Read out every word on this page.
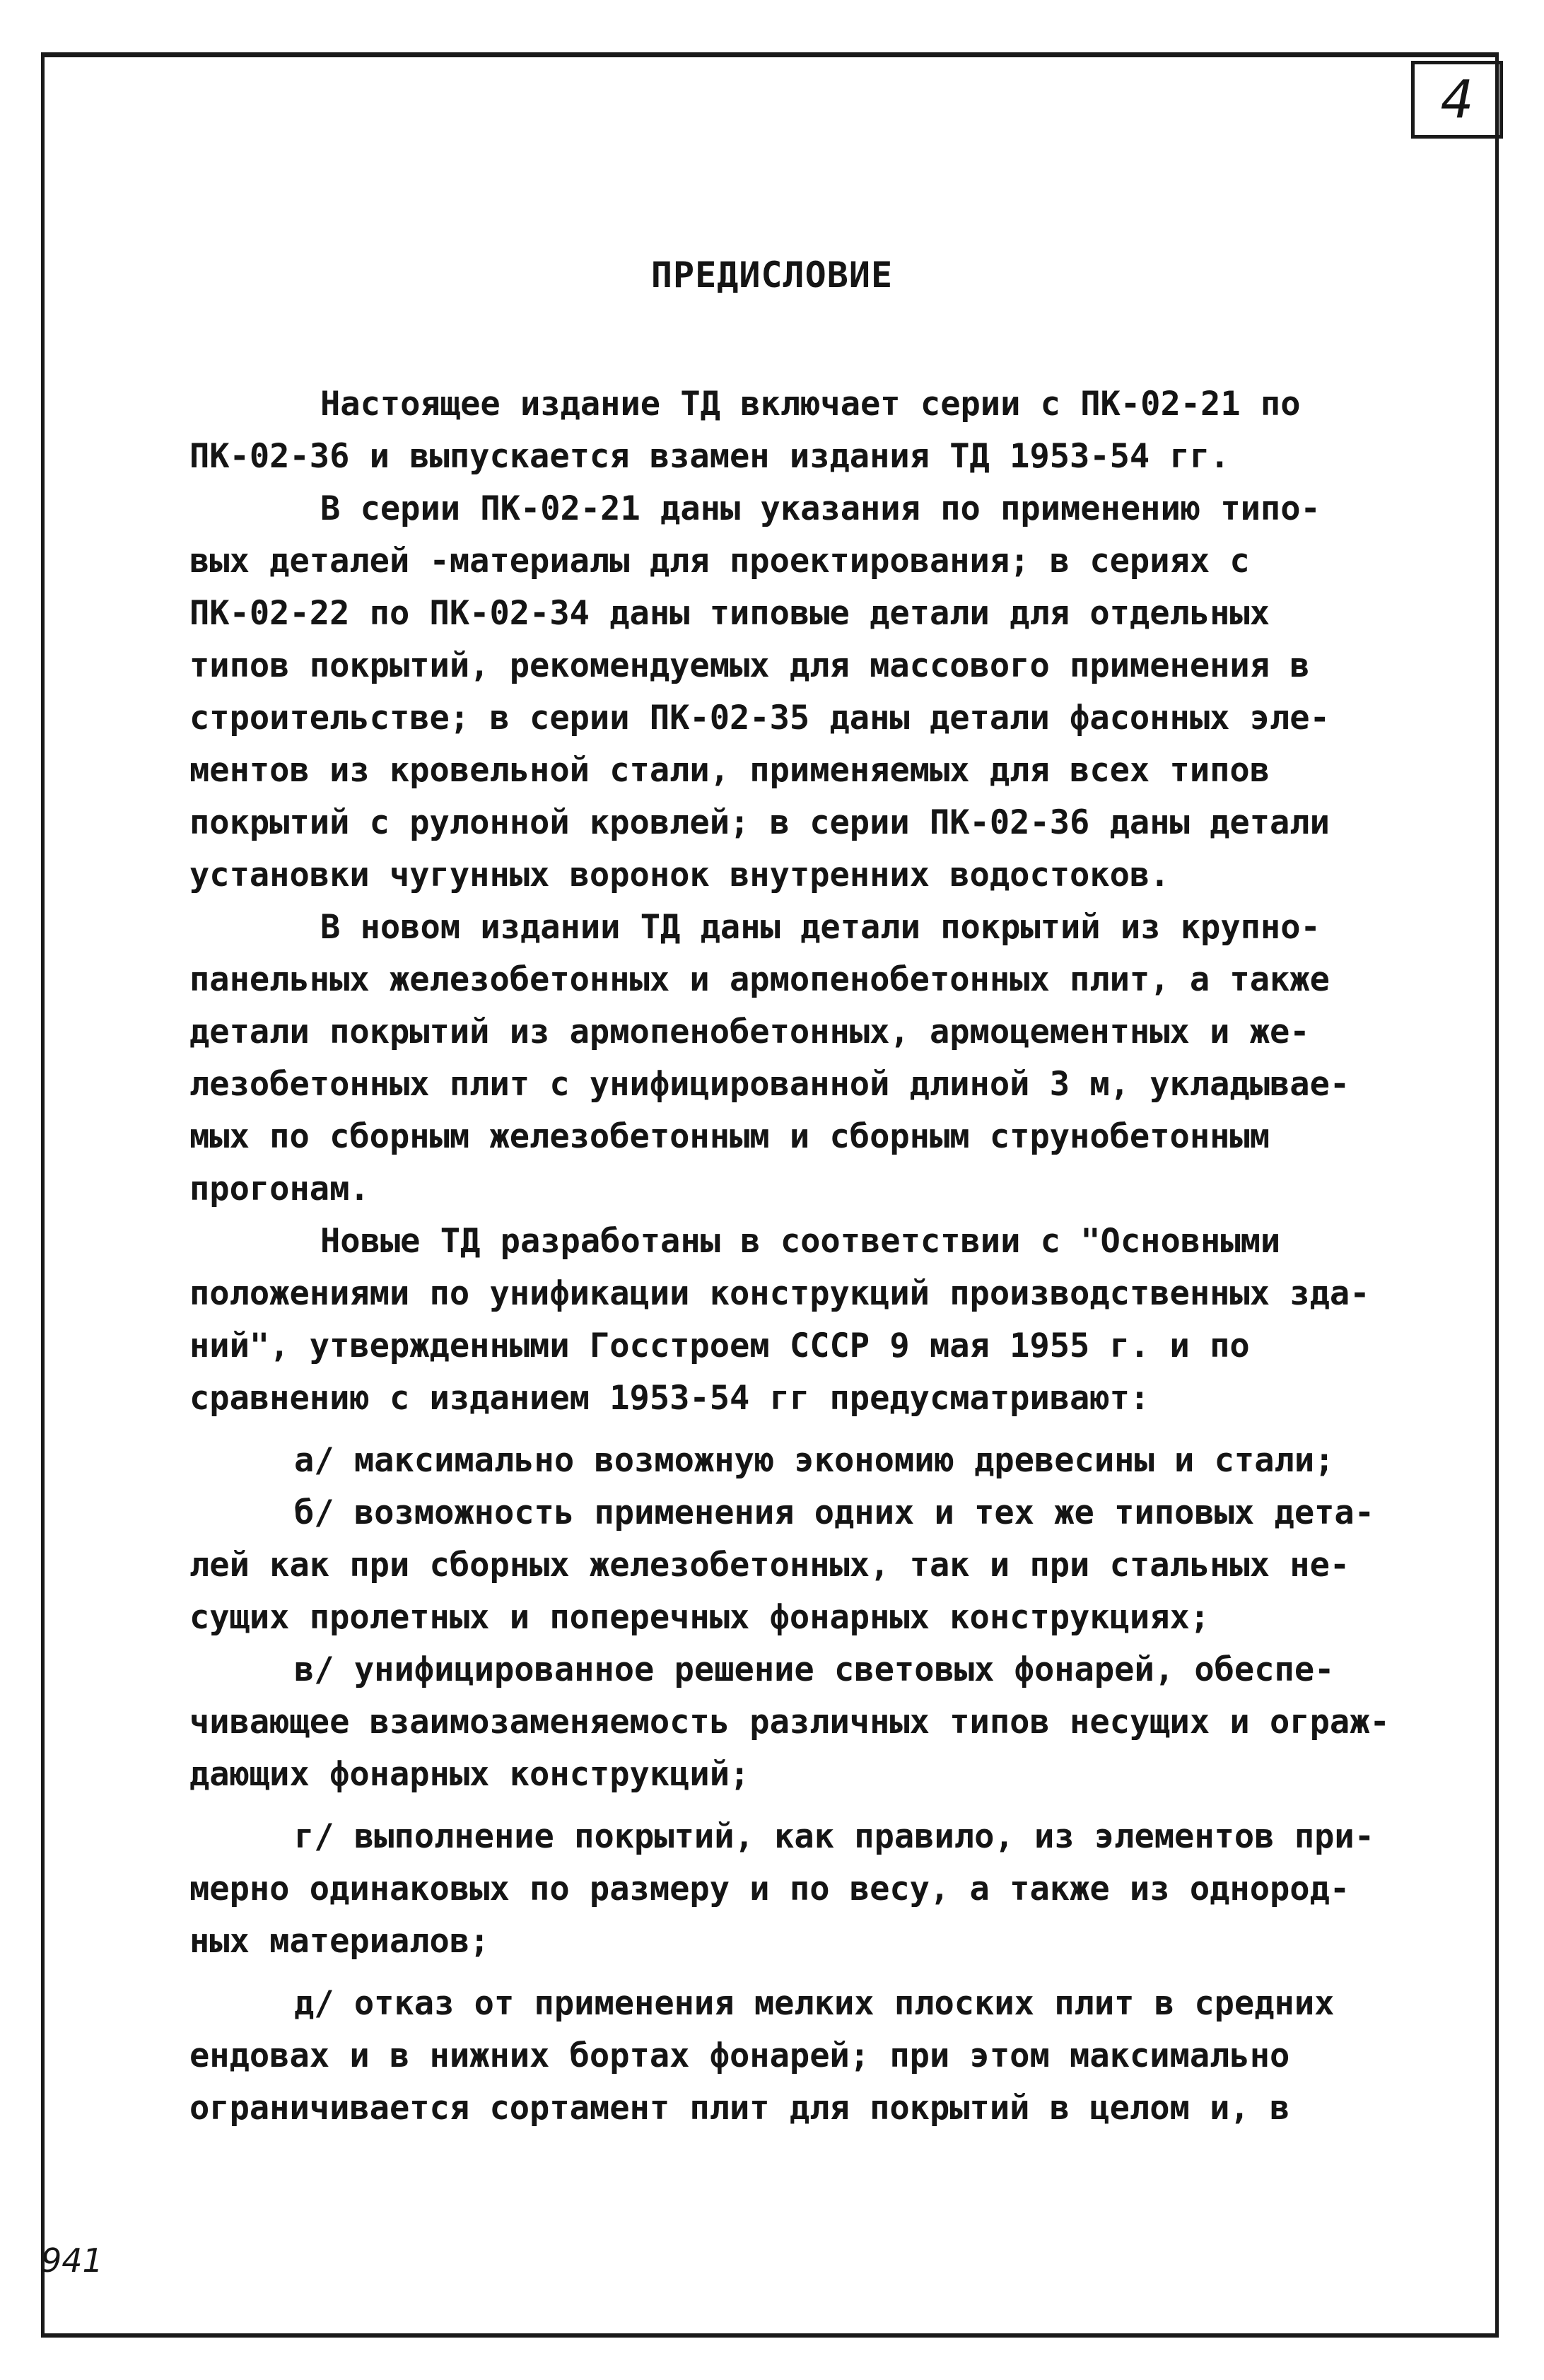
4
ПРЕДИСЛОВИЕ
Настоящее издание ТД включает серии с ПК-02-21 по
ПК-02-36 и выпускается взамен издания ТД 1953-54 гг.
В серии ПК-02-21 даны указания по применению типо-
вых деталей -материалы для проектирования; в сериях с
ПК-02-22 по ПК-02-34 даны типовые детали для отдельных
типов покрытий, рекомендуемых для массового применения в
строительстве; в серии ПК-02-35 даны детали фасонных эле-
ментов из кровельной стали, применяемых для всех типов
покрытий с рулонной кровлей; в серии ПК-02-36 даны детали
установки чугунных воронок внутренних водостоков.
В новом издании ТД даны детали покрытий из крупно-
панельных железобетонных и армопенобетонных плит, а также
детали покрытий из армопенобетонных, армоцементных и же-
лезобетонных плит с унифицированной длиной 3 м, укладывае-
мых по сборным железобетонным и сборным струнобетонным
прогонам.
Новые ТД разработаны в соответствии с "Основными
положениями по унификации конструкций производственных зда-
ний", утвержденными Госстроем СССР 9 мая 1955 г. и по
сравнению с изданием 1953-54 гг предусматривают:
а/ максимально возможную экономию древесины и стали;
б/ возможность применения одних и тех же типовых дета-
лей как при сборных железобетонных, так и при стальных не-
сущих пролетных и поперечных фонарных конструкциях;
в/ унифицированное решение световых фонарей, обеспе-
чивающее взаимозаменяемость различных типов несущих и ограж-
дающих фонарных конструкций;
г/ выполнение покрытий, как правило, из элементов при-
мерно одинаковых по размеру и по весу, а также из однород-
ных материалов;
д/ отказ от применения мелких плоских плит в средних
ендовах и в нижних бортах фонарей; при этом максимально
ограничивается сортамент плит для покрытий в целом и, в
941
